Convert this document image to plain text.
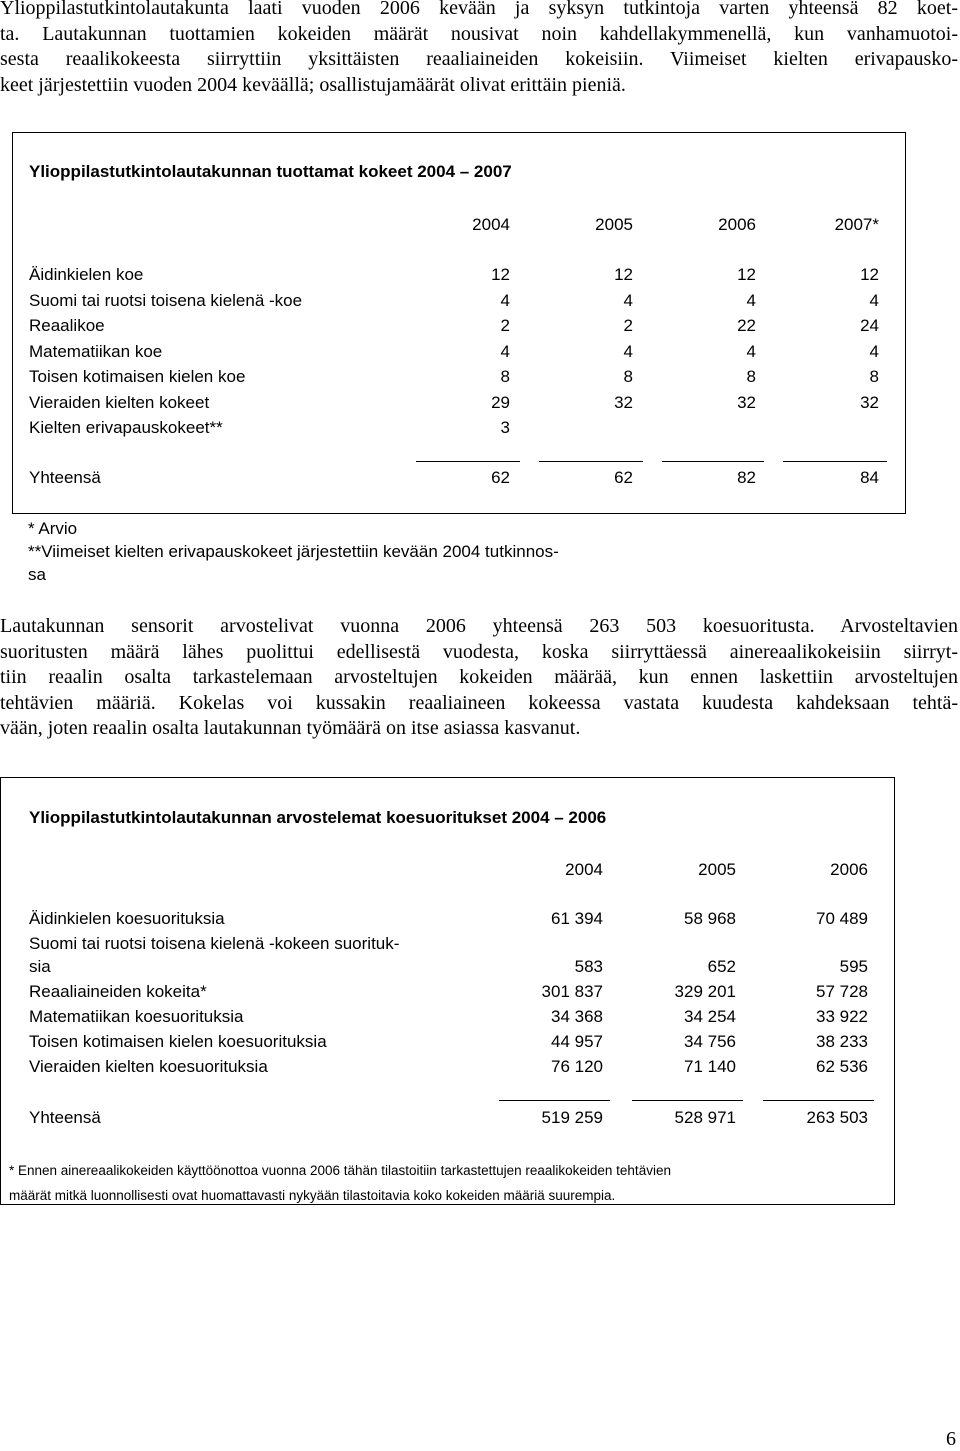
Ylioppilastutkintolautakunta laati vuoden 2006 kevään ja syksyn tutkintoja varten yhteensä 82 koet-
ta. Lautakunnan tuottamien kokeiden määrät nousivat noin kahdellakymmenellä, kun vanhamuotoi-
sesta reaalikokeesta siirryttiin yksittäisten reaaliaineiden kokeisiin. Viimeiset kielten erivapausko-
keet järjestettiin vuoden 2004 keväällä; osallistujamäärät olivat erittäin pieniä.
Ylioppilastutkintolautakunnan tuottamat kokeet 2004 – 2007
2004	2005	2006	2007*
Äidinkielen koe	12	12	12	12
Suomi tai ruotsi toisena kielenä -koe	4	4	4	4
Reaalikoe	2	2	22	24
Matematiikan koe	4	4	4	4
Toisen kotimaisen kielen koe	8	8	8	8
Vieraiden kielten kokeet	29	32	32	32
Kielten erivapauskokeet**	3
Yhteensä	62	62	82	84
* Arvio
**Viimeiset kielten erivapauskokeet järjestettiin kevään 2004 tutkinnos-
sa
Lautakunnan sensorit arvostelivat vuonna 2006 yhteensä 263 503 koesuoritusta. Arvosteltavien
suoritusten määrä lähes puolittui edellisestä vuodesta, koska siirryttäessä ainereaalikokeisiin siirryt-
tiin reaalin osalta tarkastelemaan arvosteltujen kokeiden määrää, kun ennen laskettiin arvosteltujen
tehtävien määriä. Kokelas voi kussakin reaaliaineen kokeessa vastata kuudesta kahdeksaan tehtä-
vään, joten reaalin osalta lautakunnan työmäärä on itse asiassa kasvanut.
Ylioppilastutkintolautakunnan arvostelemat koesuoritukset 2004 – 2006
2004	2005	2006
Äidinkielen koesuorituksia	61 394	58 968	70 489
Suomi tai ruotsi toisena kielenä -kokeen suorituk-
sia	583	652	595
Reaaliaineiden kokeita*	301 837	329 201	57 728
Matematiikan koesuorituksia	34 368	34 254	33 922
Toisen kotimaisen kielen koesuorituksia	44 957	34 756	38 233
Vieraiden kielten koesuorituksia	76 120	71 140	62 536
Yhteensä	519 259	528 971	263 503
* Ennen ainereaalikokeiden käyttöönottoa vuonna 2006 tähän tilastoitiin tarkastettujen reaalikokeiden tehtävien
määrät mitkä luonnollisesti ovat huomattavasti nykyään tilastoitavia koko kokeiden määriä suurempia.
6
